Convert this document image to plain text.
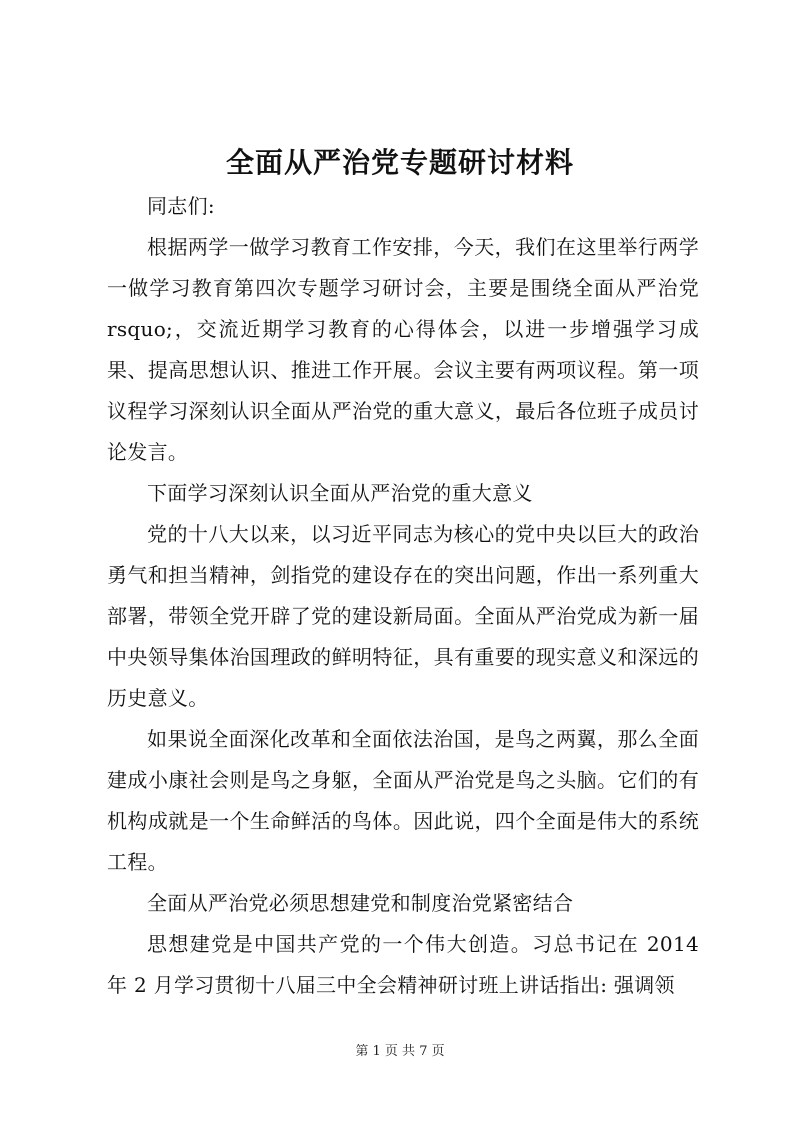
全面从严治党专题研讨材料

同志们:

根据两学一做学习教育工作安排，今天，我们在这里举行两学一做学习教育第四次专题学习研讨会，主要是围绕全面从严治党 rsquo;，交流近期学习教育的心得体会，以进一步增强学习成果、提高思想认识、推进工作开展。会议主要有两项议程。第一项议程学习深刻认识全面从严治党的重大意义，最后各位班子成员讨论发言。

下面学习深刻认识全面从严治党的重大意义

党的十八大以来，以习近平同志为核心的党中央以巨大的政治勇气和担当精神，剑指党的建设存在的突出问题，作出一系列重大部署，带领全党开辟了党的建设新局面。全面从严治党成为新一届中央领导集体治国理政的鲜明特征，具有重要的现实意义和深远的历史意义。

如果说全面深化改革和全面依法治国，是鸟之两翼，那么全面建成小康社会则是鸟之身躯，全面从严治党是鸟之头脑。它们的有机构成就是一个生命鲜活的鸟体。因此说，四个全面是伟大的系统工程。

全面从严治党必须思想建党和制度治党紧密结合

思想建党是中国共产党的一个伟大创造。习总书记在 2014 年 2 月学习贯彻十八届三中全会精神研讨班上讲话指出: 强调领

第 1 页 共 7 页
